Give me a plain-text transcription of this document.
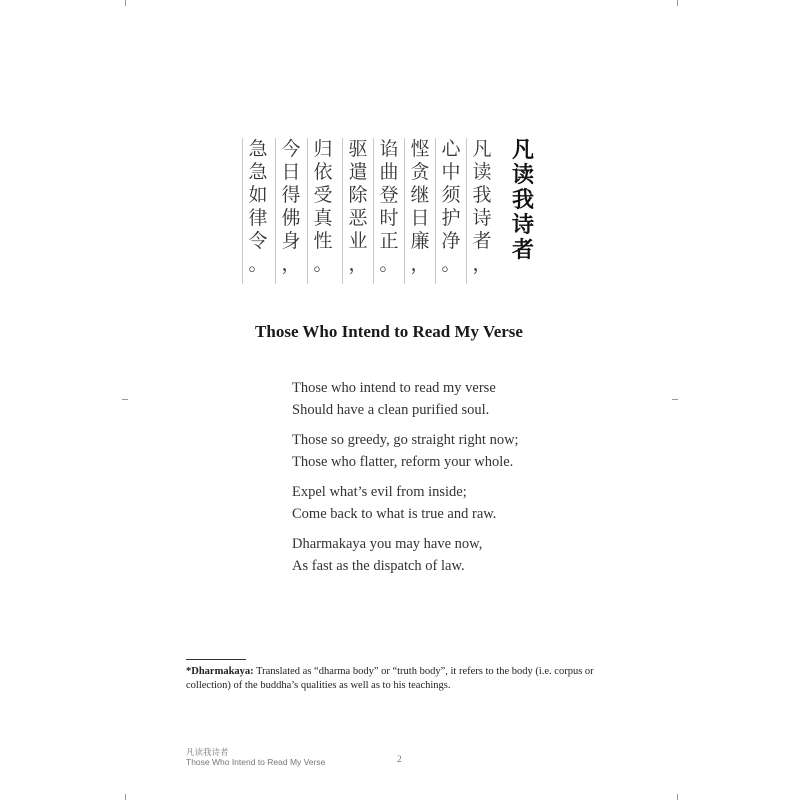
凡
读
我
诗
者
凡
读
我
诗
者
，
心
中
须
护
净
。
悭
贪
继
日
廉
，
谄
曲
登
时
正
。
驱
遣
除
恶
业
，
归
依
受
真
性
。
今
日
得
佛
身
，
急
急
如
律
令
。
Those Who Intend to Read My Verse
Those who intend to read my verse
Should have a clean purified soul.
Those so greedy, go straight right now;
Those who flatter, reform your whole.
Expel what’s evil from inside;
Come back to what is true and raw.
Dharmakaya you may have now,
As fast as the dispatch of law.
*Dharmakaya: Translated as “dharma body” or “truth body”, it refers to the body (i.e. corpus or collection) of the buddha’s qualities as well as to his teachings.
凡读我诗者
Those Who Intend to Read My Verse	2
